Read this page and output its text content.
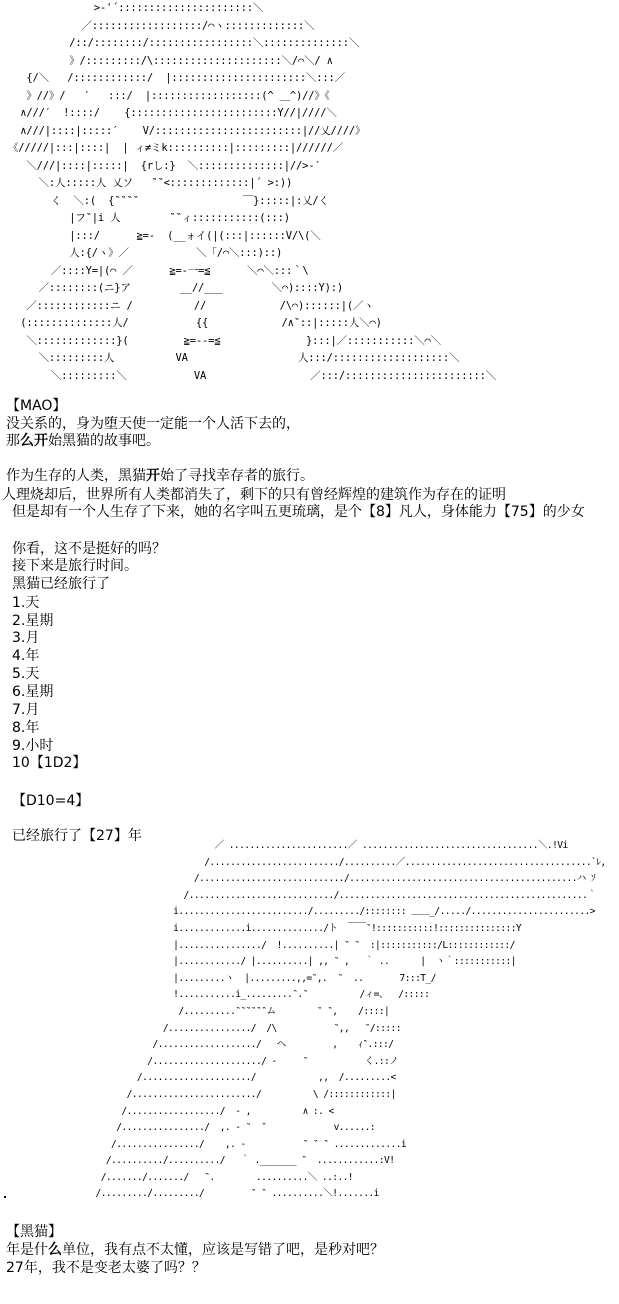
>‐'´::::::::::::::::::::::＼
／::::::::::::::::::/⌒ヽ:::::::::::::＼
/::/::::::::/:::::::::::::::::＼::::::::::::::＼
》/:::::::::/\:::::::::::::::::::::＼/⌒＼/ ∧
{/＼   /::::::::::::/  |::::::::::::::::::::::＼:::／
》//》/   ′   :::/  |::::::::::::::::::(^ ＿^)//》《
∧///′  !::::/    {::::::::::::::::::::::::Y//|////＼
∧///|::::|:::::′    V/::::::::::::::::::::::::|//乂////》
《/////|:::|::::|  | ィ≠ミk::::::::::|:::::::::|//////／
＼///|::::|:::::|  {rし:}  ＼::::::::::::::|//>‐′
＼:人:::::人 乂ソ   ‶‶<:::::::::::::|´ >:))
く  ＼:(  {‶‶‶‶                 ￣}:::::|:乂/く
|フ‶|i 人        ‶‶ィ:::::::::::(:::)
|:::/      ≧=-  (__ォイ(|(:::|::::::V/\(＼
人:{/ヽ》／           ＼「/⌒＼:::)::)
／::::Y=|(⌒ ／      ≧=-一=≦      ＼⌒＼:::｀\
／::::::::(ニ}ア        __//___        ＼⌒)::::Y):)
／::::::::::::ニ /          //            /\⌒)::::::|(／ヽ
(::::::::::::::人/           {{            /∧‶::|:::::人＼⌒)
＼:::::::::::::}(         ≧=‐‐=≦              }:::|／:::::::::::＼⌒＼
＼:::::::::人          VA                  人:::/:::::::::::::::::::＼
＼:::::::::＼           VA                 ／:::/:::::::::::::::::::::::＼
【MAO】
没关系的，身为堕天使一定能一个人活下去的，
那么开始黑猫的故事吧。
作为生存的人类，黑猫开始了寻找幸存者的旅行。
人理烧却后，世界所有人类都消失了，剩下的只有曾经辉煌的建筑作为存在的证明
但是却有一个人生存了下来，她的名字叫五更琉璃，是个【8】凡人，身体能力【75】的少女
你看，这不是挺好的吗？
接下来是旅行时间。
黑猫已经旅行了
1.天
2.星期
3.月
4.年
5.天
6.星期
7.月
8.年
9.小时
10【1D2】
【D10=4】
已经旅行了【27】年
／ .......................／ ..................................＼.!Vi
/........................./..........／....................................`ﾚ,
/............................/............................................ハ ｿ
/............................/................................................｀
i........................./........./:::::::: ＿＿_/...../.......................>
i.............i............../ト  ￣￣‶!:::::::::::!:::::::::::::::Y
|................/  !..........| ‶ ‶  :|:::::::::::/L::::::::::::/
|............/ |..........| ,, ‶ ,   ｀ ..      |  ヽ｀:::::::::::|
|.........ヽ  |.........,,=‶,.  ‶  ..       7:::T_/
!...........i_.........‶.‶          /ィ=、  /:::::
/..........‶‶‶‶‶‶ム        ‶ ‶,    /::::|
/................/  /\           ‶,,   ‶/:::::
/.................../   ヘ         ,    ｨ‶.:::/
/...................../ ‐     ‶           く.::ノ
/...................../            ,,  /.........<
/......................../          \ /::::::::::::|
/................../  ‐ ,          ∧ :. <
/................/  ,. ‐ ‶  ‶             v......:
/................/    ,. ‐           ‶ ‶ ‶ .............i
/........../........../   ｀ ._______ ‶  ............:V!
/......./......./   ‶.        ..........＼ ..:..!
/........./........./         ‶ ‶ ..........＼!.......i
【黑猫】
年是什么单位，我有点不太懂，应该是写错了吧，是秒对吧？
27年，我不是变老太婆了吗？？
